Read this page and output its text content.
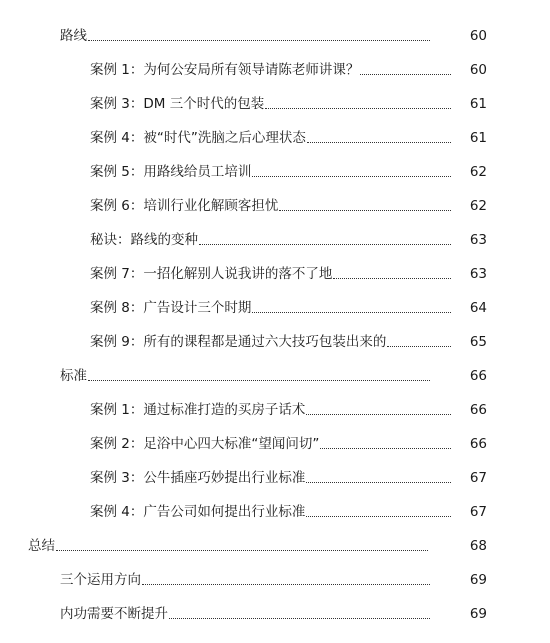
路线	60
案例 1：为何公安局所有领导请陈老师讲课？	60
案例 3：DM 三个时代的包装	61
案例 4：被“时代”洗脑之后心理状态	61
案例 5：用路线给员工培训	62
案例 6：培训行业化解顾客担忧	62
秘诀：路线的变种	63
案例 7：一招化解别人说我讲的落不了地	63
案例 8：广告设计三个时期	64
案例 9：所有的课程都是通过六大技巧包装出来的	65
标准	66
案例 1：通过标准打造的买房子话术	66
案例 2：足浴中心四大标准“望闻问切”	66
案例 3：公牛插座巧妙提出行业标准	67
案例 4：广告公司如何提出行业标准	67
总结	68
三个运用方向	69
内功需要不断提升	69
